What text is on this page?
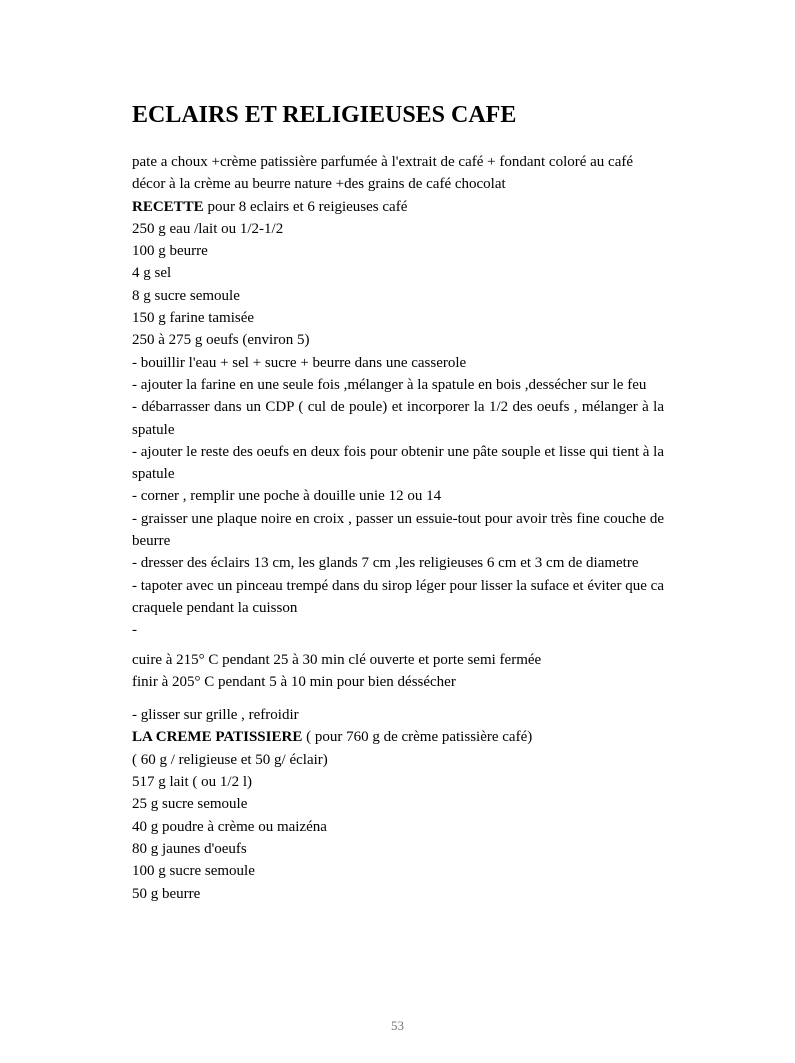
ECLAIRS ET RELIGIEUSES CAFE

pate a choux +crème patissière parfumée à l'extrait de café + fondant coloré au café

décor à la crème au beurre nature +des grains de café chocolat

RECETTE pour 8 eclairs et 6 reigieuses café

250 g eau /lait ou 1/2-1/2

100 g beurre

4 g sel

8 g sucre semoule

150 g farine tamisée

250 à 275 g oeufs (environ 5)

- bouillir l'eau + sel + sucre + beurre dans une casserole

- ajouter la farine en une seule fois ,mélanger à la spatule en bois ,dessécher sur le feu

- débarrasser dans un CDP ( cul de poule) et incorporer la 1/2 des oeufs , mélanger à la spatule

- ajouter le reste des oeufs en deux fois pour obtenir une pâte souple et lisse qui tient à la spatule

- corner , remplir une poche à douille unie 12 ou 14

- graisser une plaque noire en croix , passer un essuie-tout pour avoir très fine couche de beurre

- dresser des éclairs 13 cm, les glands 7 cm ,les religieuses 6 cm et 3 cm de diametre

- tapoter avec un pinceau trempé dans du sirop léger pour lisser la suface et éviter que ca craquele pendant la cuisson

-

cuire à 215° C pendant 25 à 30 min clé ouverte et porte semi fermée

finir à 205° C pendant 5 à 10 min pour bien déssécher

- glisser sur grille , refroidir

LA CREME PATISSIERE ( pour 760 g de crème patissière café)

( 60 g / religieuse et 50 g/ éclair)

517 g lait ( ou 1/2 l)

25 g sucre semoule

40 g poudre à crème ou maizéna

80 g jaunes d'oeufs

100 g sucre semoule

50 g beurre

53
